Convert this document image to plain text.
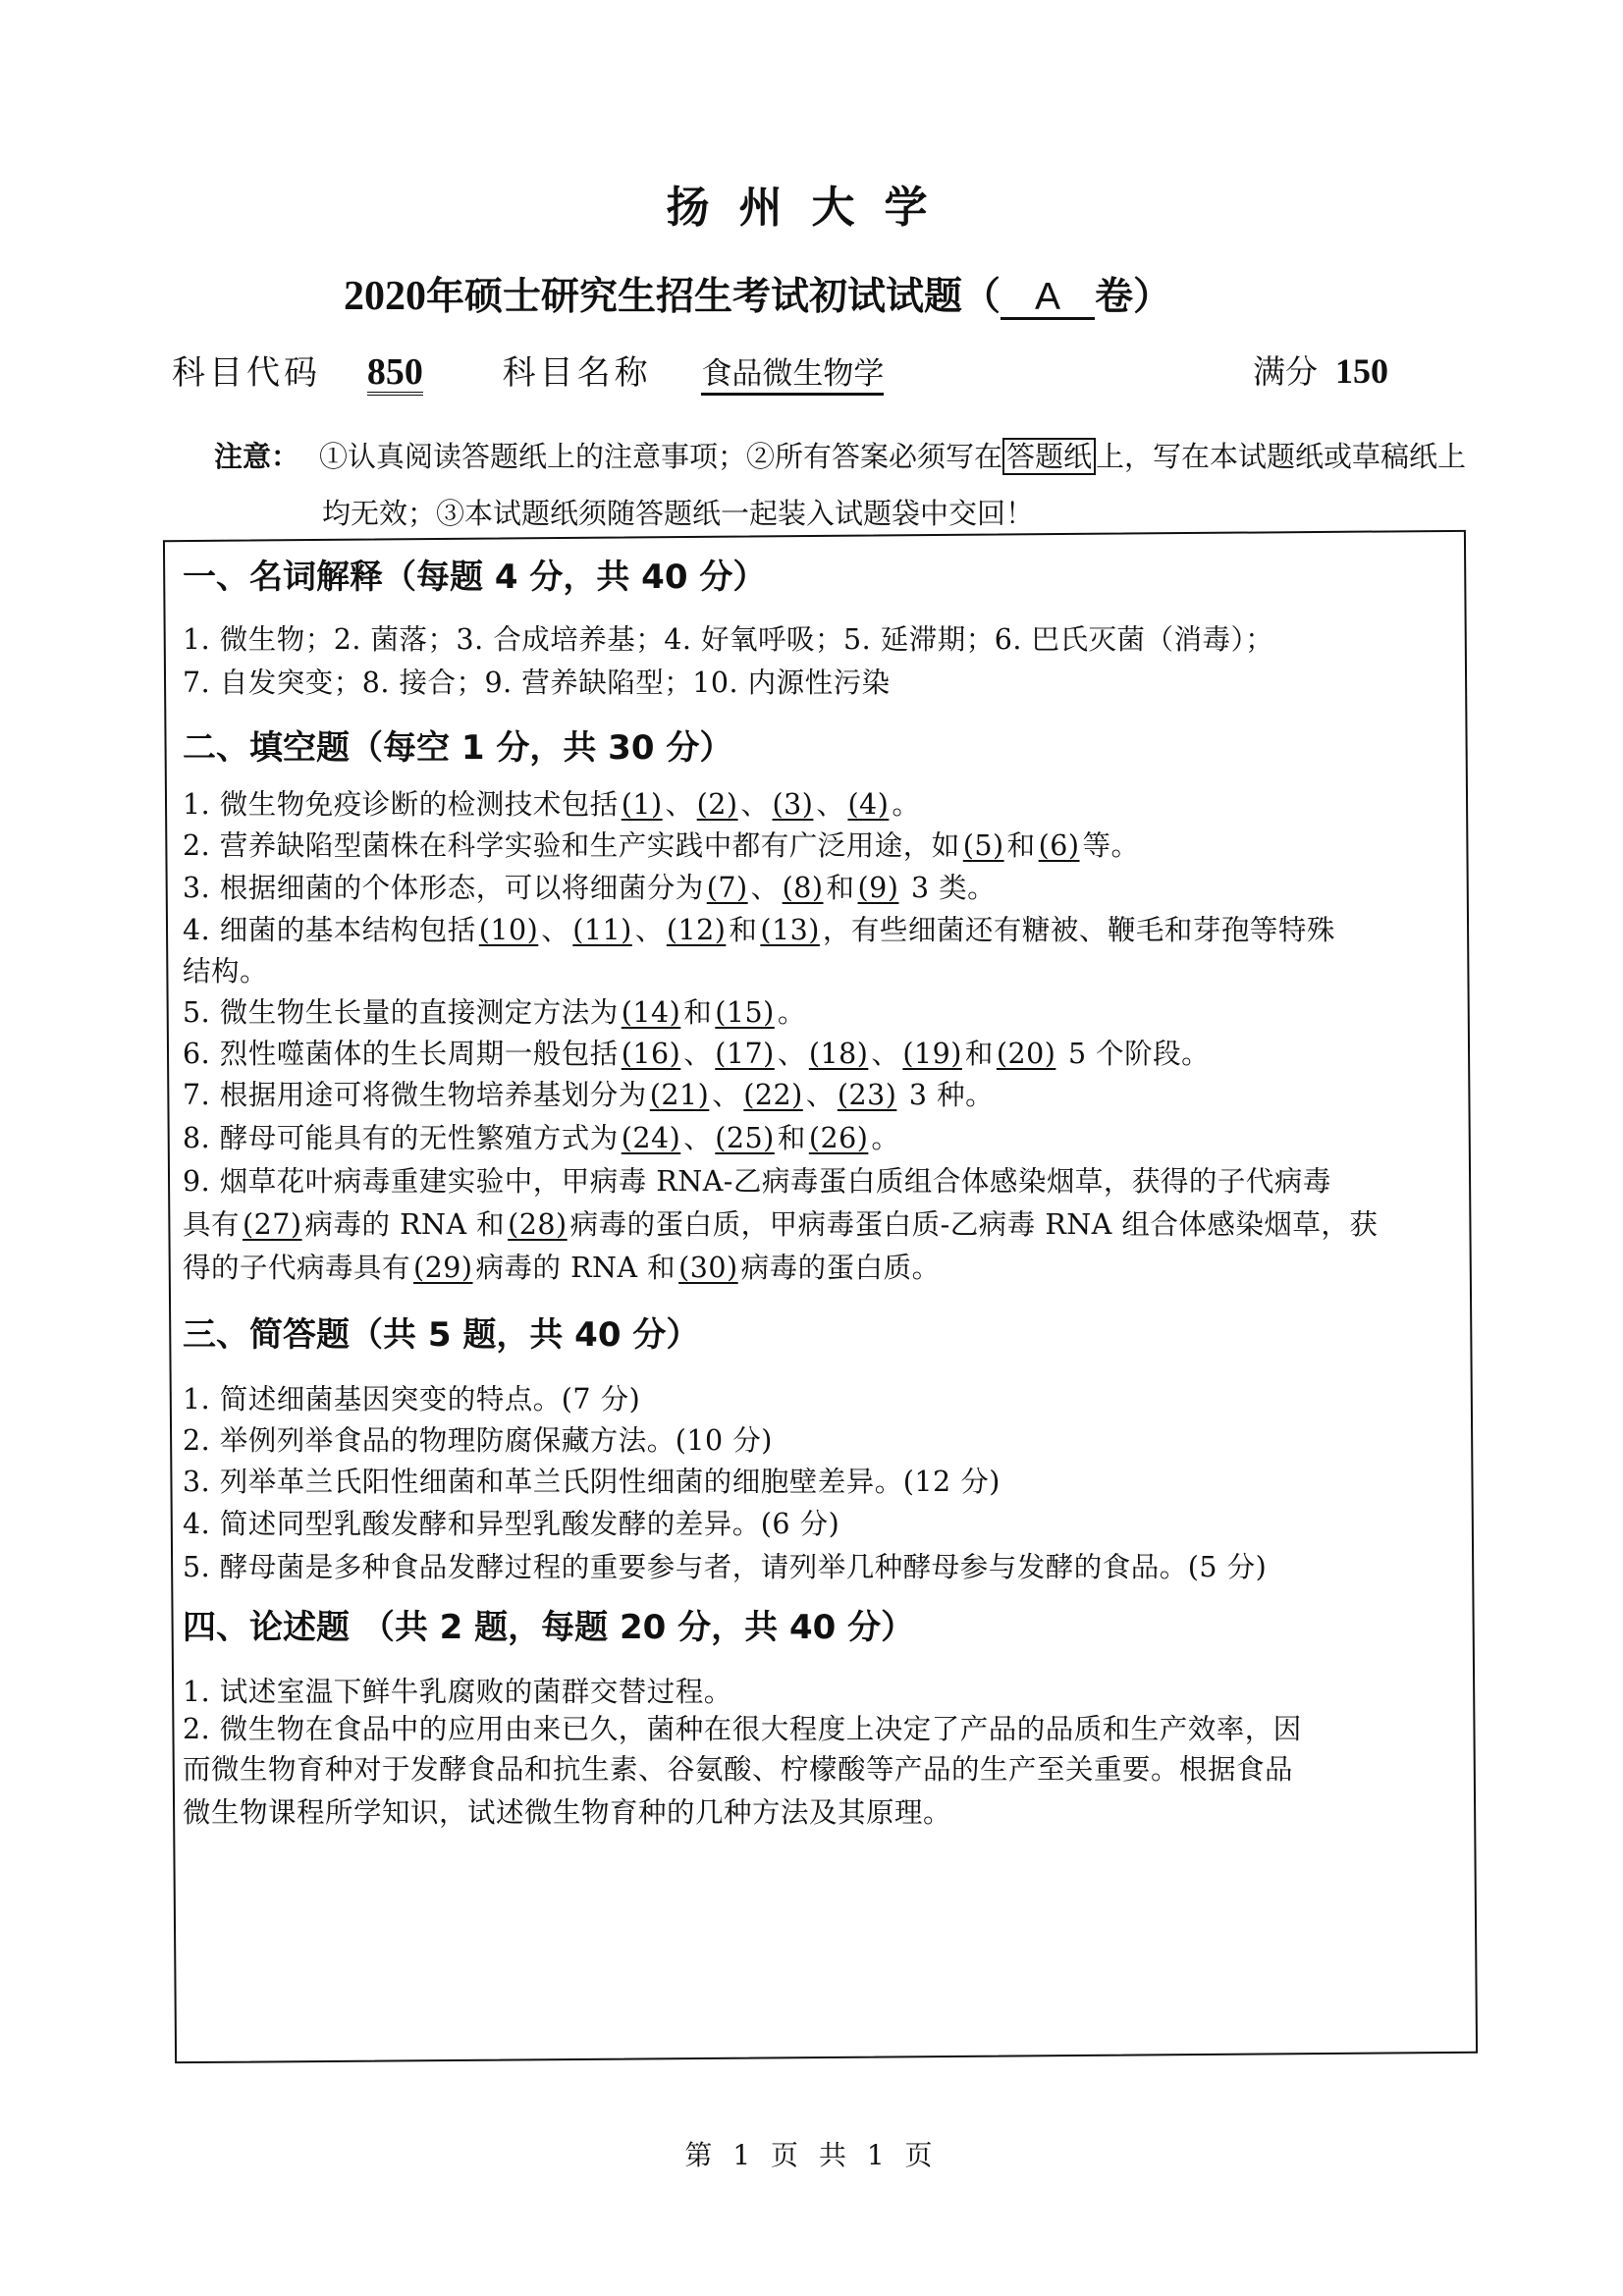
扬州大学
2020年硕士研究生招生考试初试试题（ A 卷）
科目代码 850 科目名称 食品微生物学	满分 150
注意： ①认真阅读答题纸上的注意事项；②所有答案必须写在 答题纸 上，写在本试题纸或草稿纸上
均无效；③本试题纸须随答题纸一起装入试题袋中交回！
一、名词解释（每题 4 分，共 40 分）
1. 微生物；2. 菌落；3. 合成培养基；4. 好氧呼吸；5. 延滞期；6. 巴氏灭菌（消毒）；
7. 自发突变；8. 接合；9. 营养缺陷型；10. 内源性污染
二、填空题（每空 1 分，共 30 分）
1. 微生物免疫诊断的检测技术包括 (1) 、 (2) 、 (3) 、 (4) 。
2. 营养缺陷型菌株在科学实验和生产实践中都有广泛用途，如 (5) 和 (6) 等。
3. 根据细菌的个体形态，可以将细菌分为 (7) 、 (8) 和 (9) 3 类。
4. 细菌的基本结构包括 (10) 、 (11) 、 (12) 和 (13) ，有些细菌还有糖被、鞭毛和芽孢等特殊
结构。
5. 微生物生长量的直接测定方法为 (14) 和 (15) 。
6. 烈性噬菌体的生长周期一般包括 (16) 、 (17) 、 (18) 、 (19) 和 (20) 5 个阶段。
7. 根据用途可将微生物培养基划分为 (21) 、 (22) 、 (23) 3 种。
8. 酵母可能具有的无性繁殖方式为 (24) 、 (25) 和 (26) 。
9. 烟草花叶病毒重建实验中，甲病毒 RNA-乙病毒蛋白质组合体感染烟草，获得的子代病毒
具有 (27) 病毒的 RNA 和 (28) 病毒的蛋白质，甲病毒蛋白质-乙病毒 RNA 组合体感染烟草，获
得的子代病毒具有 (29) 病毒的 RNA 和 (30) 病毒的蛋白质。
三、简答题（共 5 题，共 40 分）
1. 简述细菌基因突变的特点。(7 分)
2. 举例列举食品的物理防腐保藏方法。(10 分)
3. 列举革兰氏阳性细菌和革兰氏阴性细菌的细胞壁差异。(12 分)
4. 简述同型乳酸发酵和异型乳酸发酵的差异。(6 分)
5. 酵母菌是多种食品发酵过程的重要参与者，请列举几种酵母参与发酵的食品。(5 分)
四、论述题 （共 2 题，每题 20 分，共 40 分）
1. 试述室温下鲜牛乳腐败的菌群交替过程。
2. 微生物在食品中的应用由来已久，菌种在很大程度上决定了产品的品质和生产效率，因
而微生物育种对于发酵食品和抗生素、谷氨酸、柠檬酸等产品的生产至关重要。根据食品
微生物课程所学知识，试述微生物育种的几种方法及其原理。
第 1 页 共 1 页
